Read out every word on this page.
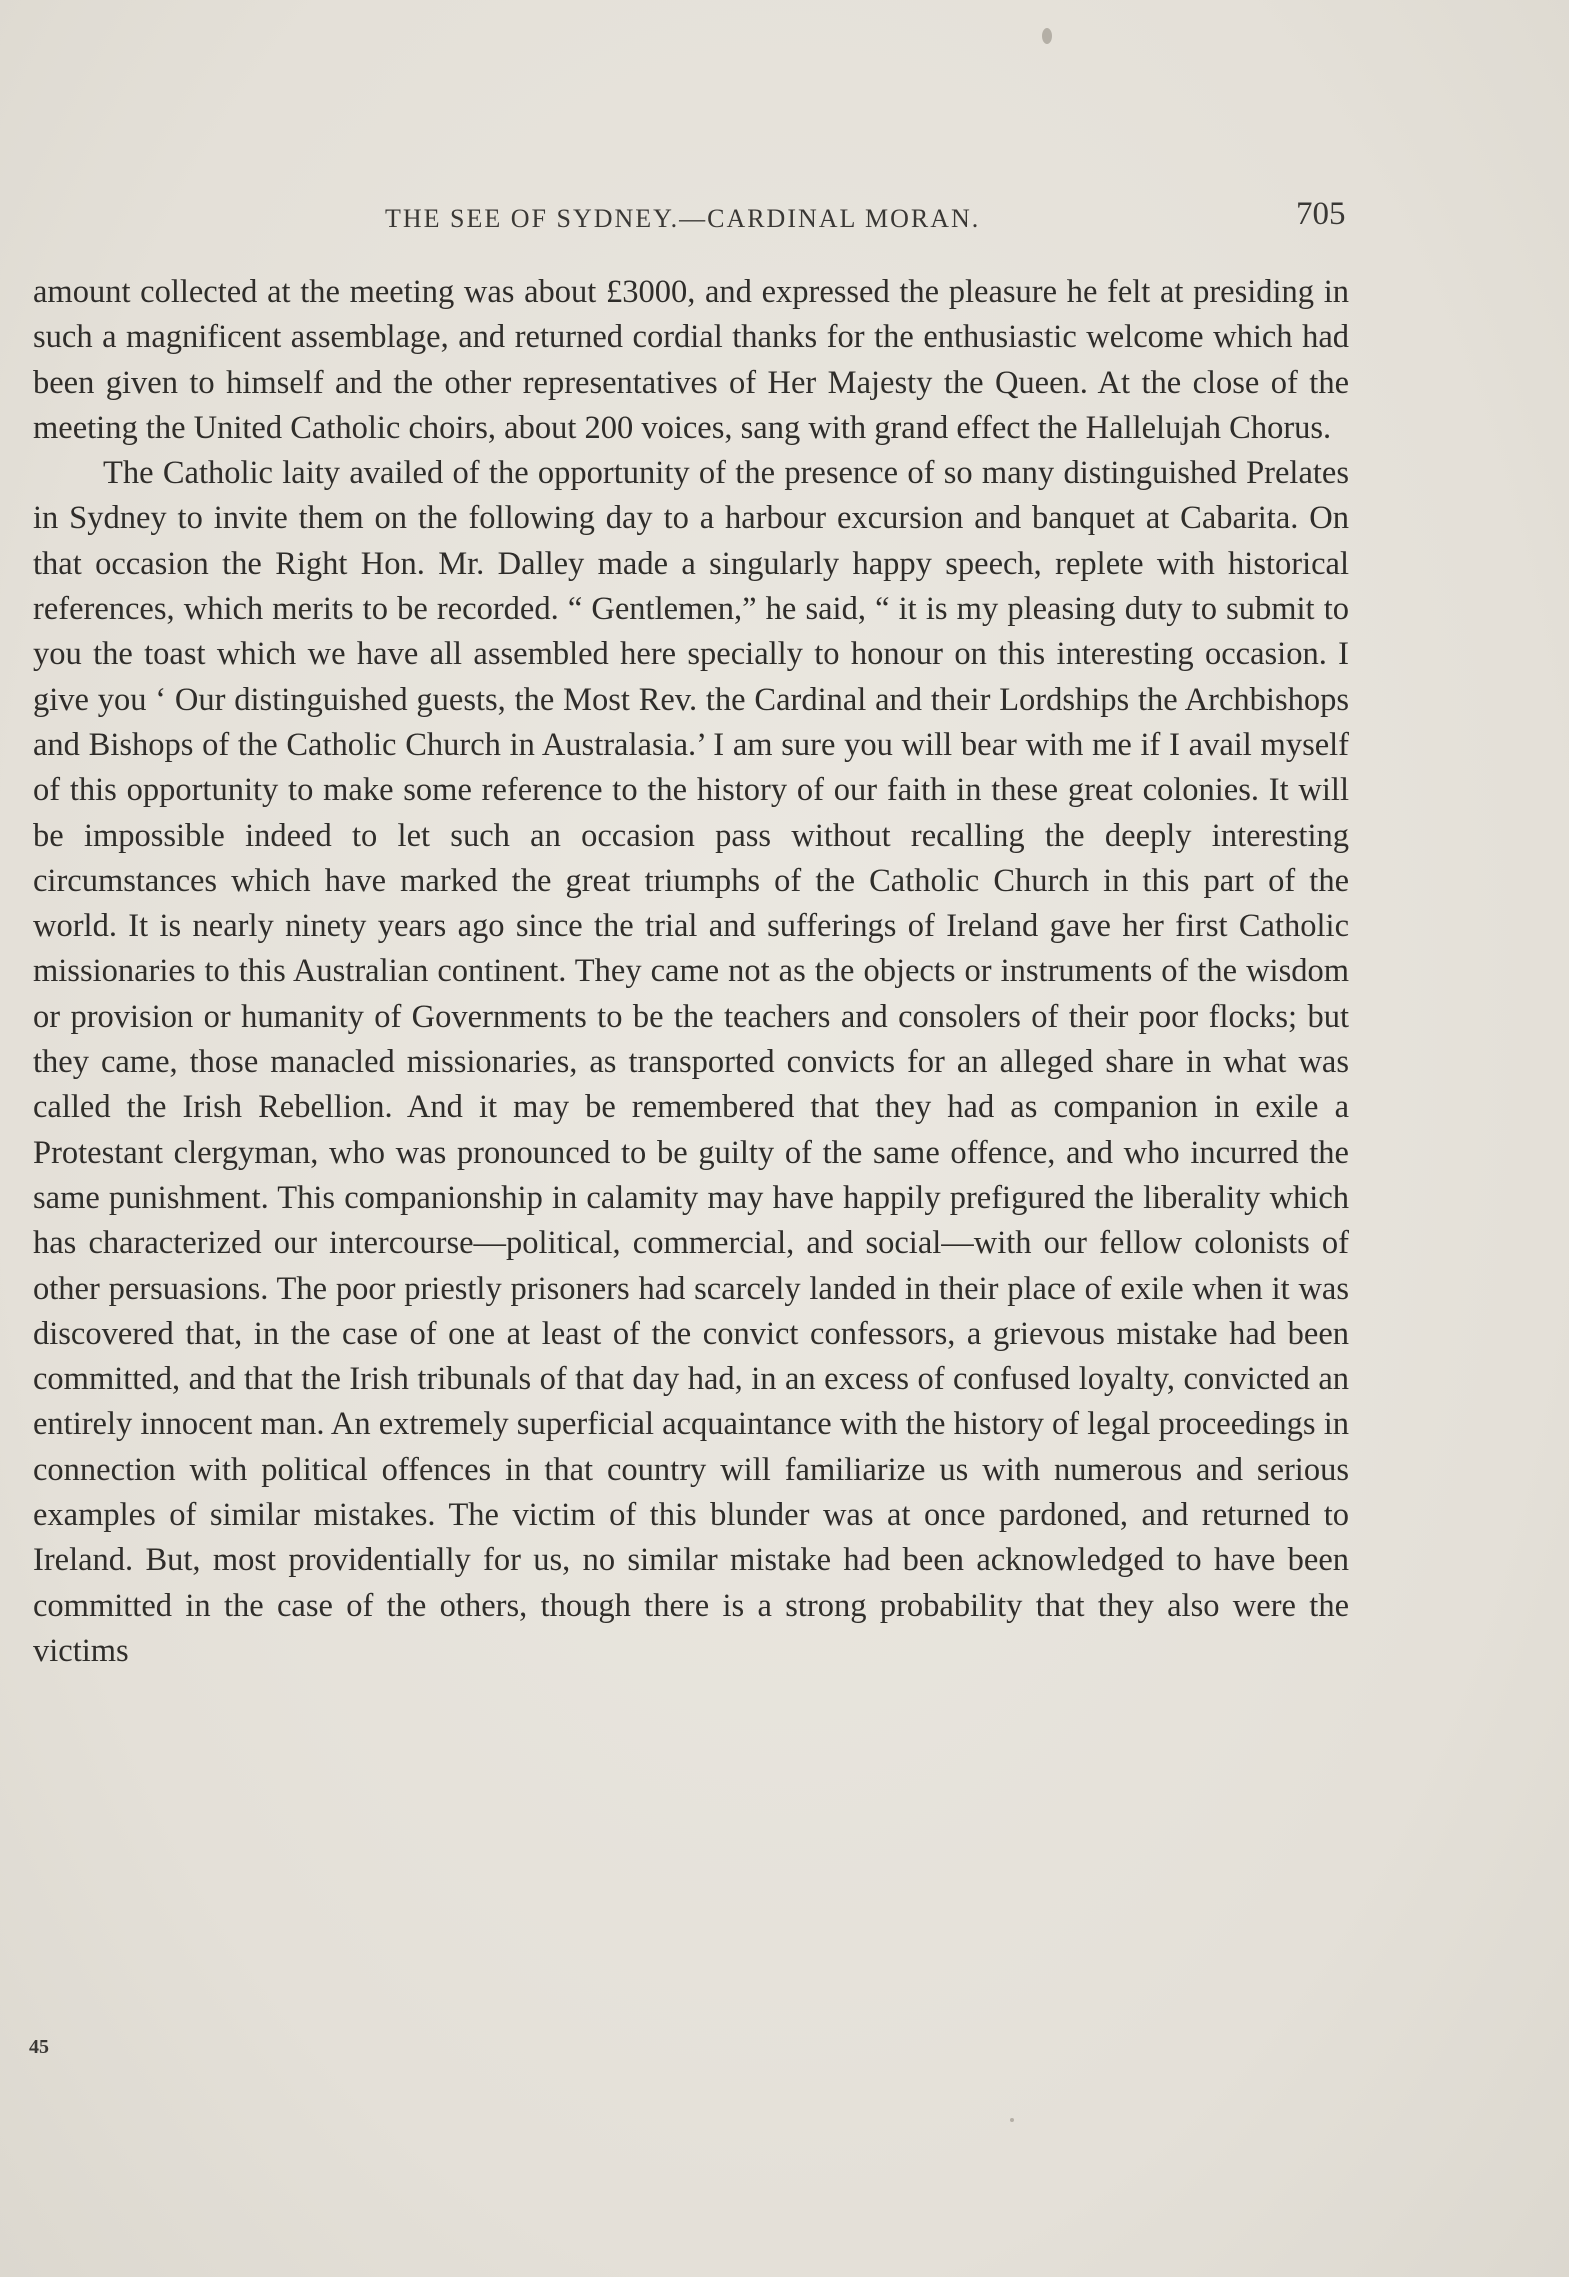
THE SEE OF SYDNEY.—CARDINAL MORAN.	705

amount collected at the meeting was about £3000, and expressed the pleasure he felt at presiding in such a magnificent assemblage, and returned cordial thanks for the enthusiastic welcome which had been given to himself and the other representatives of Her Majesty the Queen. At the close of the meeting the United Catholic choirs, about 200 voices, sang with grand effect the Hallelujah Chorus.

The Catholic laity availed of the opportunity of the presence of so many distinguished Prelates in Sydney to invite them on the following day to a harbour excursion and banquet at Cabarita. On that occasion the Right Hon. Mr. Dalley made a singularly happy speech, replete with historical references, which merits to be recorded. “ Gentlemen,” he said, “ it is my pleasing duty to submit to you the toast which we have all assembled here specially to honour on this interesting occasion. I give you ‘ Our distinguished guests, the Most Rev. the Cardinal and their Lordships the Archbishops and Bishops of the Catholic Church in Australasia.’ I am sure you will bear with me if I avail myself of this opportunity to make some reference to the history of our faith in these great colonies. It will be impossible indeed to let such an occasion pass without recalling the deeply interesting circumstances which have marked the great triumphs of the Catholic Church in this part of the world. It is nearly ninety years ago since the trial and sufferings of Ireland gave her first Catholic missionaries to this Australian continent. They came not as the objects or instruments of the wisdom or provision or humanity of Governments to be the teachers and consolers of their poor flocks; but they came, those manacled missionaries, as transported convicts for an alleged share in what was called the Irish Rebellion. And it may be remembered that they had as companion in exile a Protestant clergyman, who was pronounced to be guilty of the same offence, and who incurred the same punishment. This companionship in calamity may have happily prefigured the liberality which has characterized our intercourse—political, commercial, and social—with our fellow colonists of other persuasions. The poor priestly prisoners had scarcely landed in their place of exile when it was discovered that, in the case of one at least of the convict confessors, a grievous mistake had been committed, and that the Irish tribunals of that day had, in an excess of confused loyalty, convicted an entirely innocent man. An extremely superficial acquaintance with the history of legal proceedings in connection with political offences in that country will familiarize us with numerous and serious examples of similar mistakes. The victim of this blunder was at once pardoned, and returned to Ireland. But, most providentially for us, no similar mistake had been acknowledged to have been committed in the case of the others, though there is a strong probability that they also were the victims

45
